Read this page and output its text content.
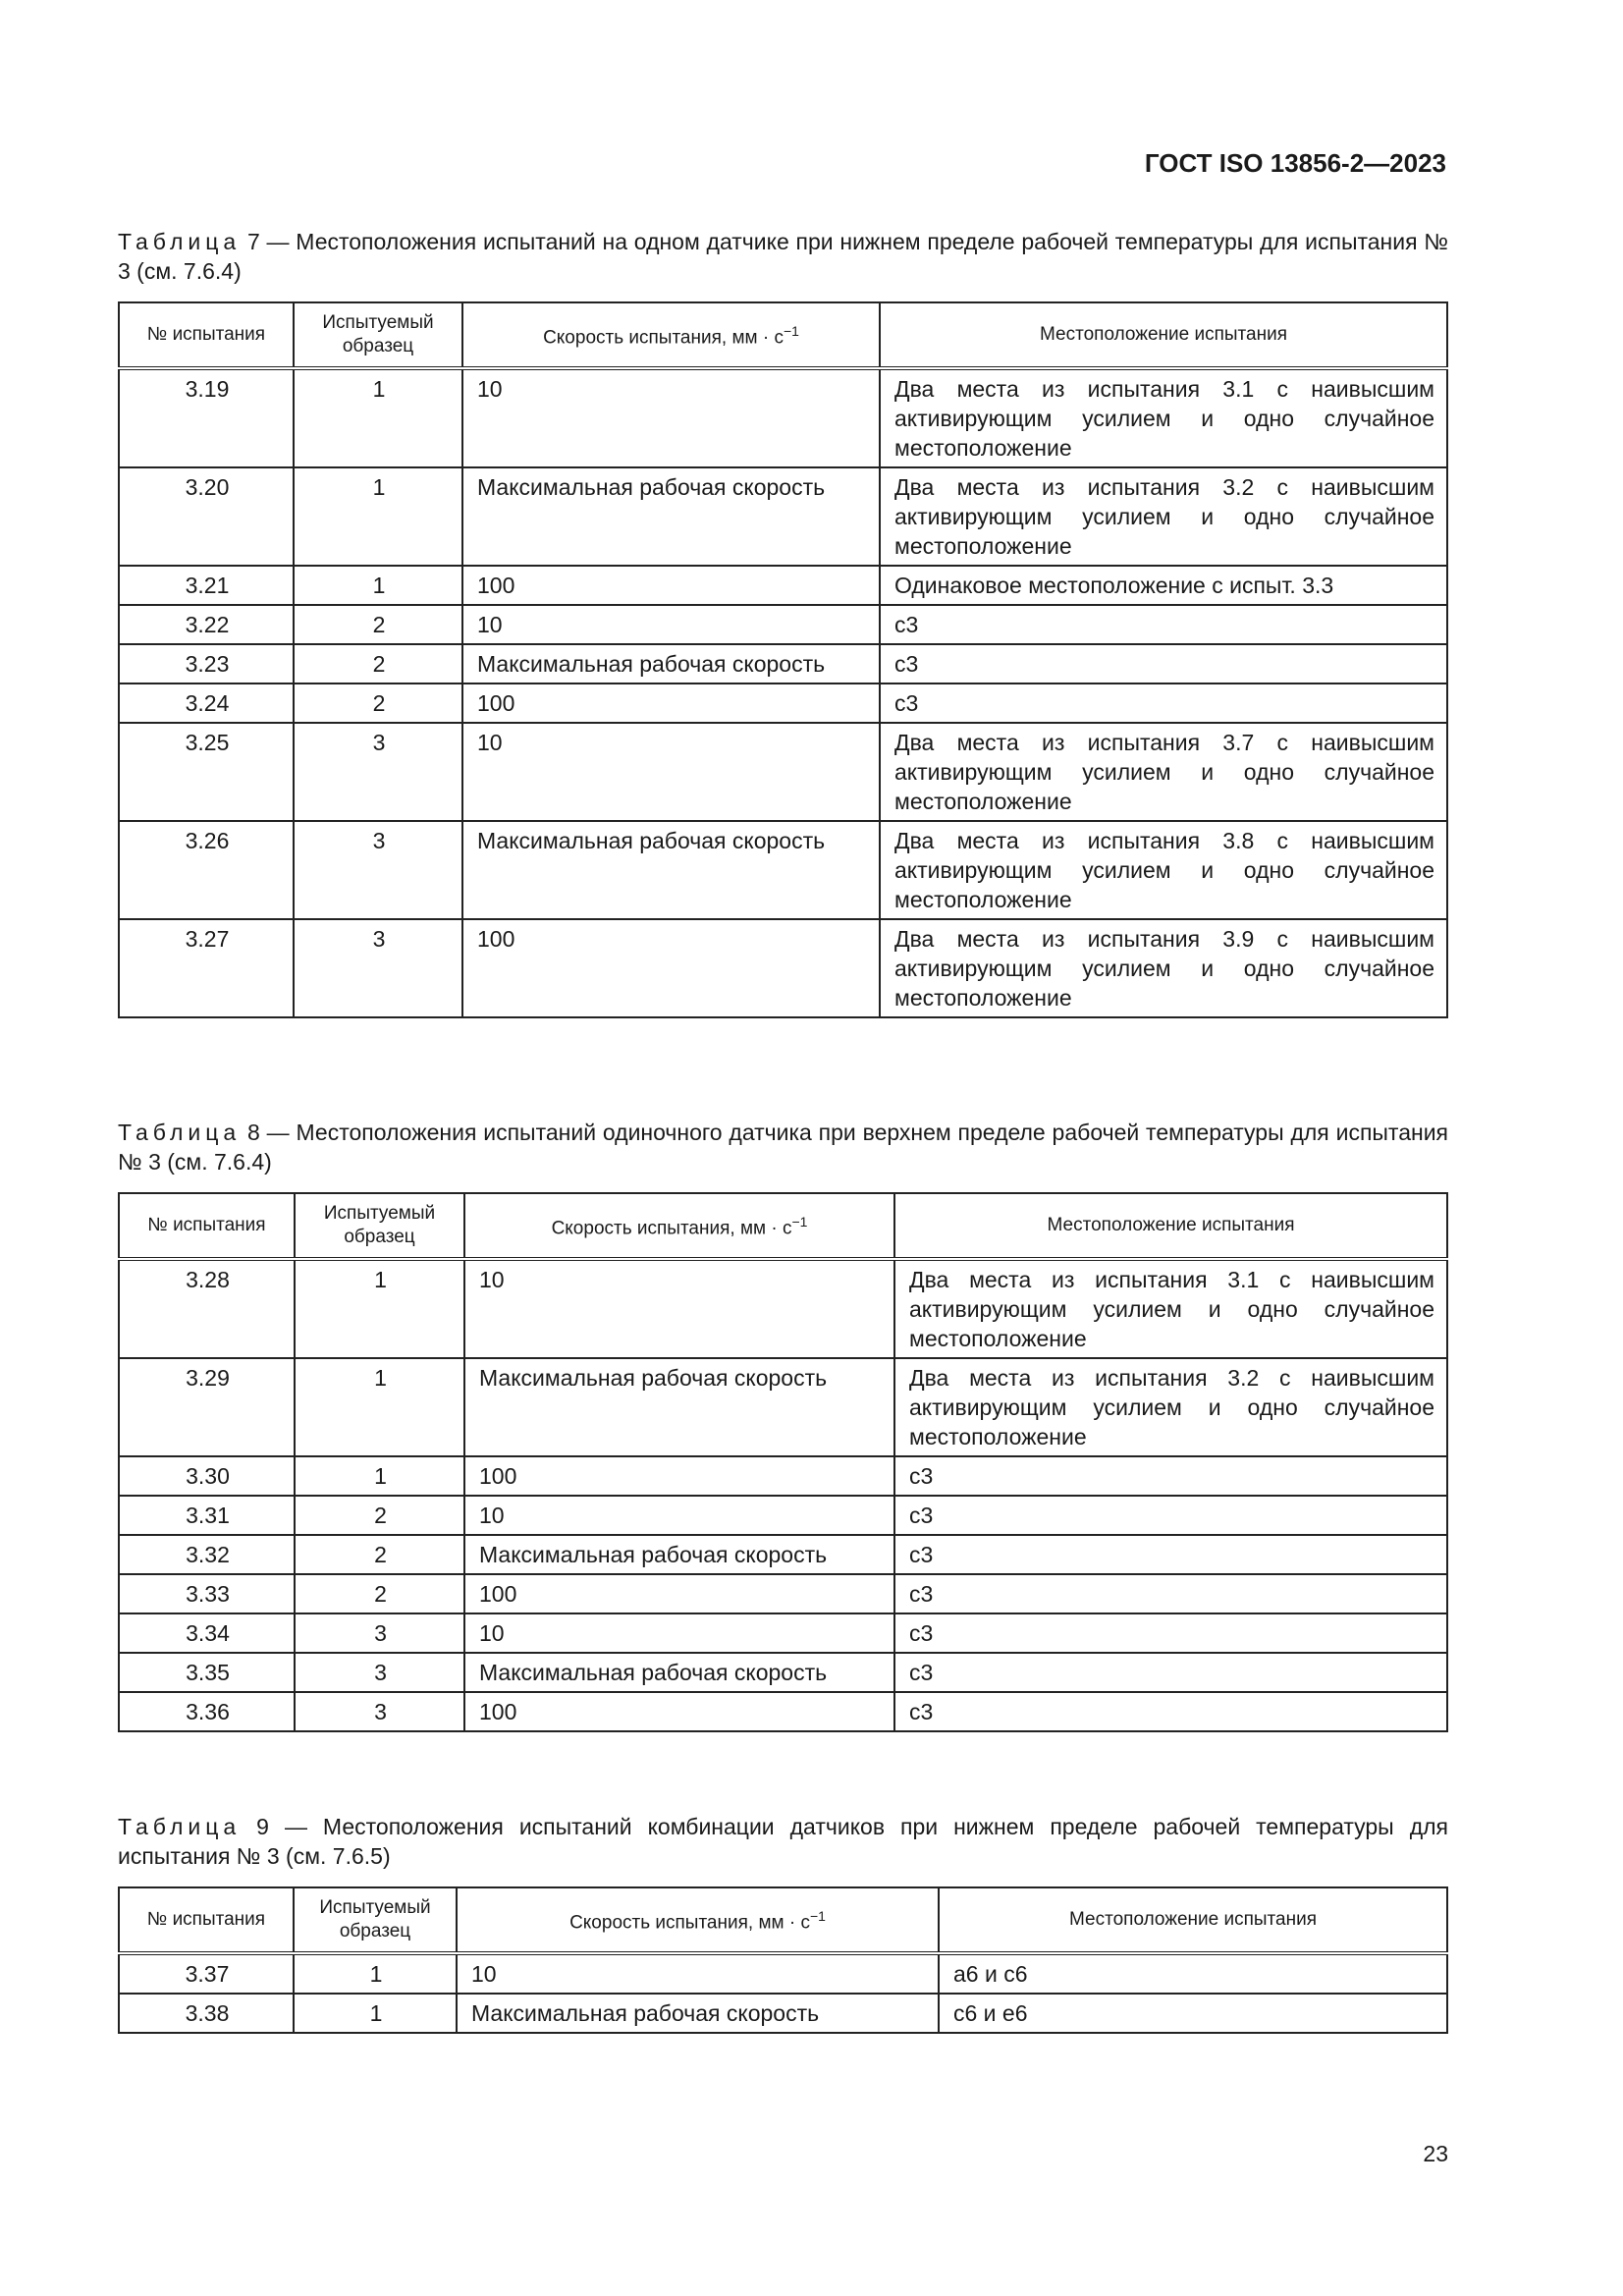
ГОСТ ISO 13856-2—2023
Таблица 7 — Местоположения испытаний на одном датчике при нижнем пределе рабочей температуры для испытания № 3 (см. 7.6.4)
№ испытания	Испытуемый образец	Скорость испытания, мм · $с^{-1}$	Местоположение испытания
3.19	1	10	Два места из испытания 3.1 с наивысшим активирующим усилием и одно случайное местоположение
3.20	1	Максимальная рабочая скорость	Два места из испытания 3.2 с наивысшим активирующим усилием и одно случайное местоположение
3.21	1	100	Одинаковое местоположение с испыт. 3.3
3.22	2	10	c3
3.23	2	Максимальная рабочая скорость	c3
3.24	2	100	c3
3.25	3	10	Два места из испытания 3.7 с наивысшим активирующим усилием и одно случайное местоположение
3.26	3	Максимальная рабочая скорость	Два места из испытания 3.8 с наивысшим активирующим усилием и одно случайное местоположение
3.27	3	100	Два места из испытания 3.9 с наивысшим активирующим усилием и одно случайное местоположение
Таблица 8 — Местоположения испытаний одиночного датчика при верхнем пределе рабочей температуры для испытания № 3 (см. 7.6.4)
№ испытания	Испытуемый образец	Скорость испытания, мм · $с^{-1}$	Местоположение испытания
3.28	1	10	Два места из испытания 3.1 с наивысшим активирующим усилием и одно случайное местоположение
3.29	1	Максимальная рабочая скорость	Два места из испытания 3.2 с наивысшим активирующим усилием и одно случайное местоположение
3.30	1	100	c3
3.31	2	10	c3
3.32	2	Максимальная рабочая скорость	c3
3.33	2	100	c3
3.34	3	10	c3
3.35	3	Максимальная рабочая скорость	c3
3.36	3	100	c3
Таблица 9 — Местоположения испытаний комбинации датчиков при нижнем пределе рабочей температуры для испытания № 3 (см. 7.6.5)
№ испытания	Испытуемый образец	Скорость испытания, мм · $с^{-1}$	Местоположение испытания
3.37	1	10	a6 и c6
3.38	1	Максимальная рабочая скорость	c6 и e6
23
